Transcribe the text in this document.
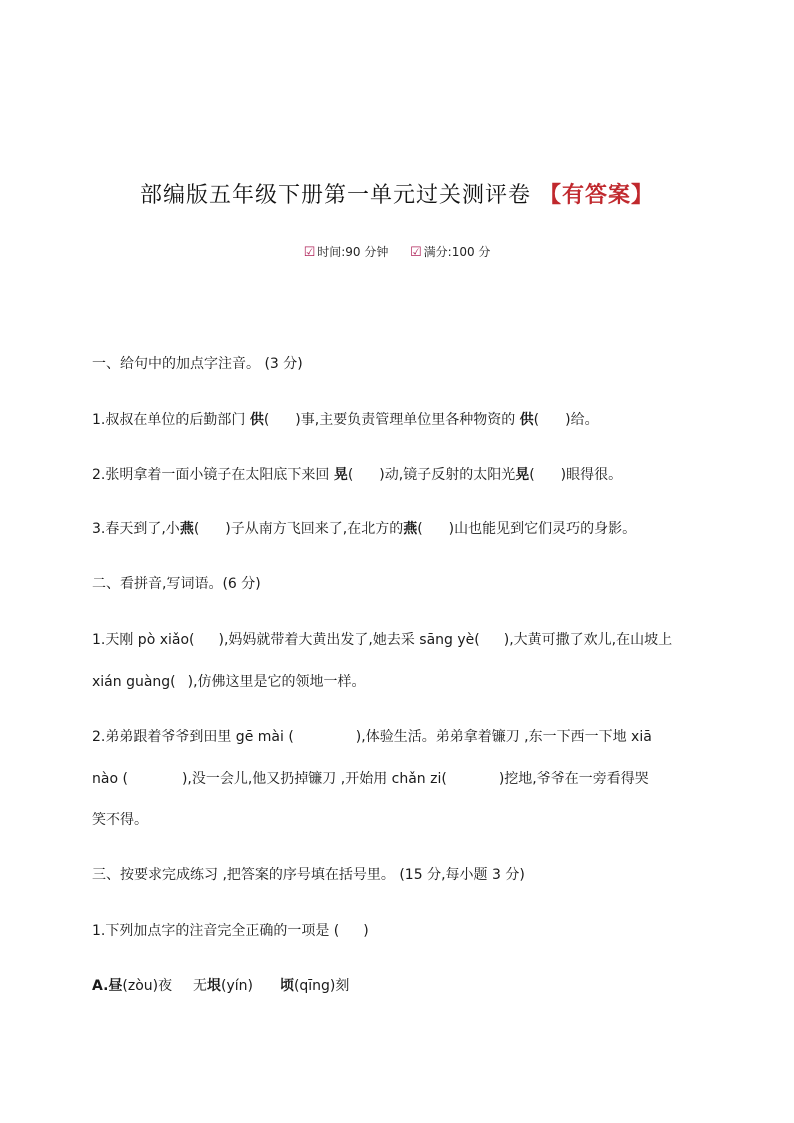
部编版五年级下册第一单元过关测评卷 【有答案】
☑ 时间:90 分钟 ☑ 满分:100 分
一、给句中的加点字注音。 (3 分)
1.叔叔在单位的后勤部门 供( )事,主要负责管理单位里各种物资的 供( )给。
2.张明拿着一面小镜子在太阳底下来回 晃( )动,镜子反射的太阳光晃( )眼得很。
3.春天到了,小燕( )子从南方飞回来了,在北方的燕( )山也能见到它们灵巧的身影。
二、看拼音,写词语。(6 分)
1.天刚 pò xiǎo( ),妈妈就带着大黄出发了,她去采 sāng yè( ),大黄可撒了欢儿,在山坡上
xián guàng( ),仿佛这里是它的领地一样。
2.弟弟跟着爷爷到田里 gē mài (	),体验生活。弟弟拿着镰刀 ,东一下西一下地 xiā
nào (	),没一会儿,他又扔掉镰刀 ,开始用 chǎn zi(	)挖地,爷爷在一旁看得哭
笑不得。
三、按要求完成练习 ,把答案的序号填在括号里。 (15 分,每小题 3 分)
1.下列加点字的注音完全正确的一项是 ( )
A.昼(zòu)夜 无垠(yín) 顷(qīng)刻
